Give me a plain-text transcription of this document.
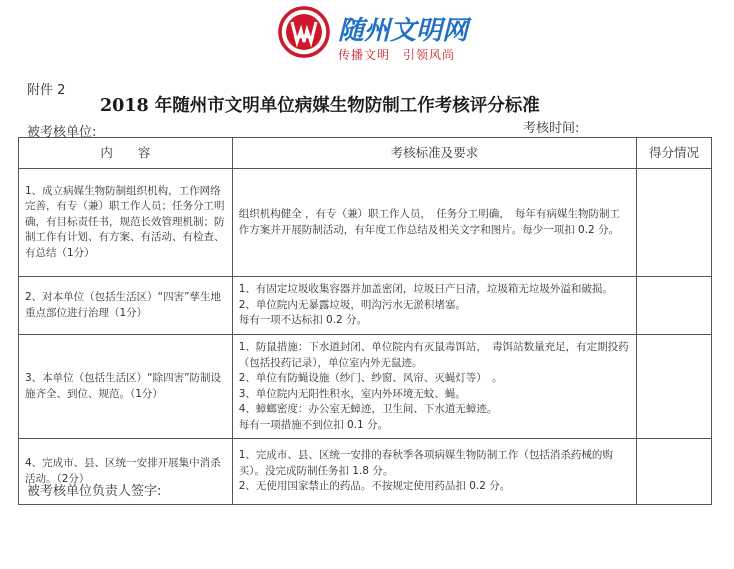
随州文明网
传播文明　引领风尚
附件 2
2018 年随州市文明单位病媒生物防制工作考核评分标准
被考核单位:	考核时间:
内　　容	考核标准及要求	得分情况
1、成立病媒生物防制组织机构，工作网络完善，有专（兼）职工作人员；任务分工明确，有目标责任书，规范长效管理机制；防制工作有计划、有方案、有活动、有检查、有总结（1分）	组织机构健全 ，有专（兼）职工作人员，　任务分工明确，　每年有病媒生物防制工作方案并开展防制活动，有年度工作总结及相关文字和图片。每少一项扣 0.2 分。	

2、对本单位（包括生活区）“四害”孳生地重点部位进行治理（1分）	1、有固定垃圾收集容器并加盖密闭，垃圾日产日清，垃圾箱无垃圾外溢和破损。
2、单位院内无暴露垃圾，明沟污水无淤积堵塞。
每有一项不达标扣 0.2 分。	

3、本单位（包括生活区）“除四害”防制设施齐全、到位、规范。（1分）	1、防鼠措施：下水道封闭、单位院内有灭鼠毒饵站，　毒饵站数量充足，有定期投药（包括投药记录），单位室内外无鼠迹。
2、单位有防蝇设施（纱门、纱窗、风帘、灭蝇灯等）　。
3、单位院内无阳性积水，室内外环境无蚊、蝇。
4、蟑螂密度：办公室无蟑迹，卫生间、下水道无蟑迹。
每有一项措施不到位扣 0.1 分。	

4、完成市、县、区统一安排开展集中消杀活动。（2分）	1、完成市、县、区统一安排的春秋季各项病媒生物防制工作（包括消杀药械的购买）。没完成防制任务扣 1.8 分。
2、无使用国家禁止的药品。不按规定使用药品扣 0.2 分。	

被考核单位负责人签字:
